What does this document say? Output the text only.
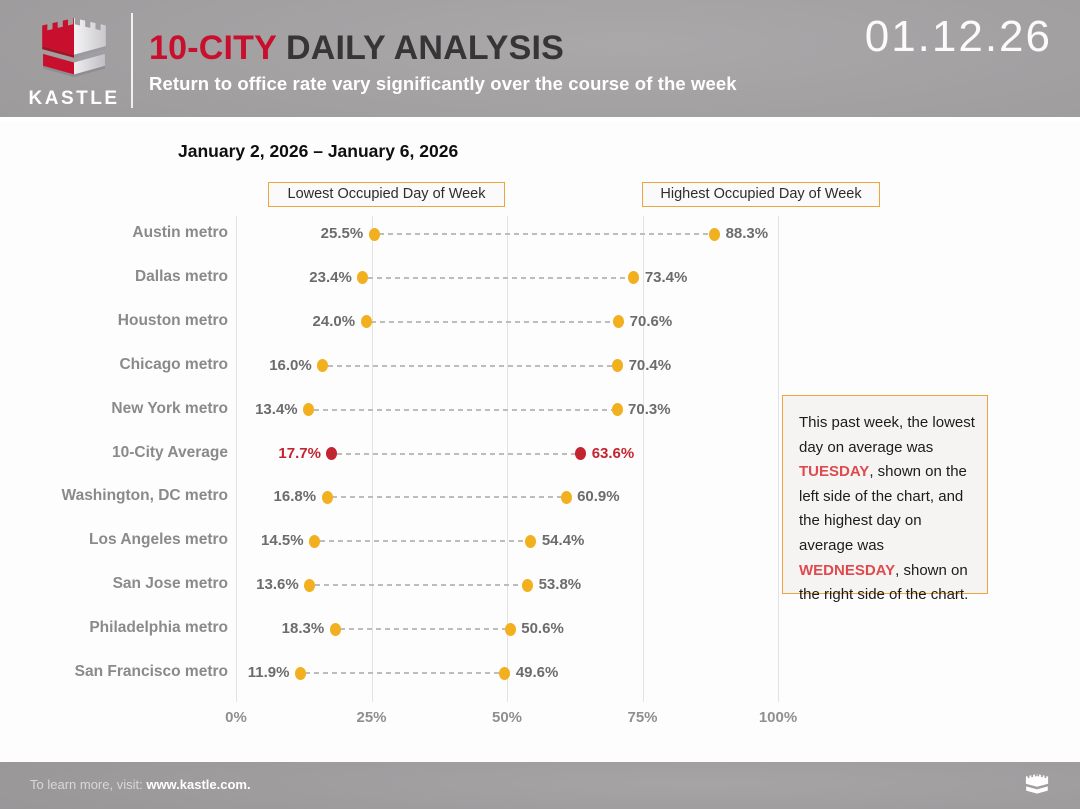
KASTLE
10-CITY DAILY ANALYSIS
Return to office rate vary significantly over the course of the week
01.12.26
January 2, 2026 – January 6, 2026
Lowest Occupied Day of Week	Highest Occupied Day of Week
0%	25%	50%	75%	100%
Austin metro	25.5%	88.3%
Dallas metro	23.4%	73.4%
Houston metro	24.0%	70.6%
Chicago metro	16.0%	70.4%
New York metro 13.4%	70.3%
10-City Average	17.7%	63.6%
Washington, DC metro	16.8%	60.9%
Los Angeles metro 14.5%	54.4%
San Jose metro 13.6%	53.8%
Philadelphia metro	18.3%	50.6%
San Francisco metro 11.9%	49.6%

This past week, the lowest day on average was TUESDAY, shown on the left side of the chart, and the highest day on average was WEDNESDAY, shown on the right side of the chart.

To learn more, visit: www.kastle.com.
